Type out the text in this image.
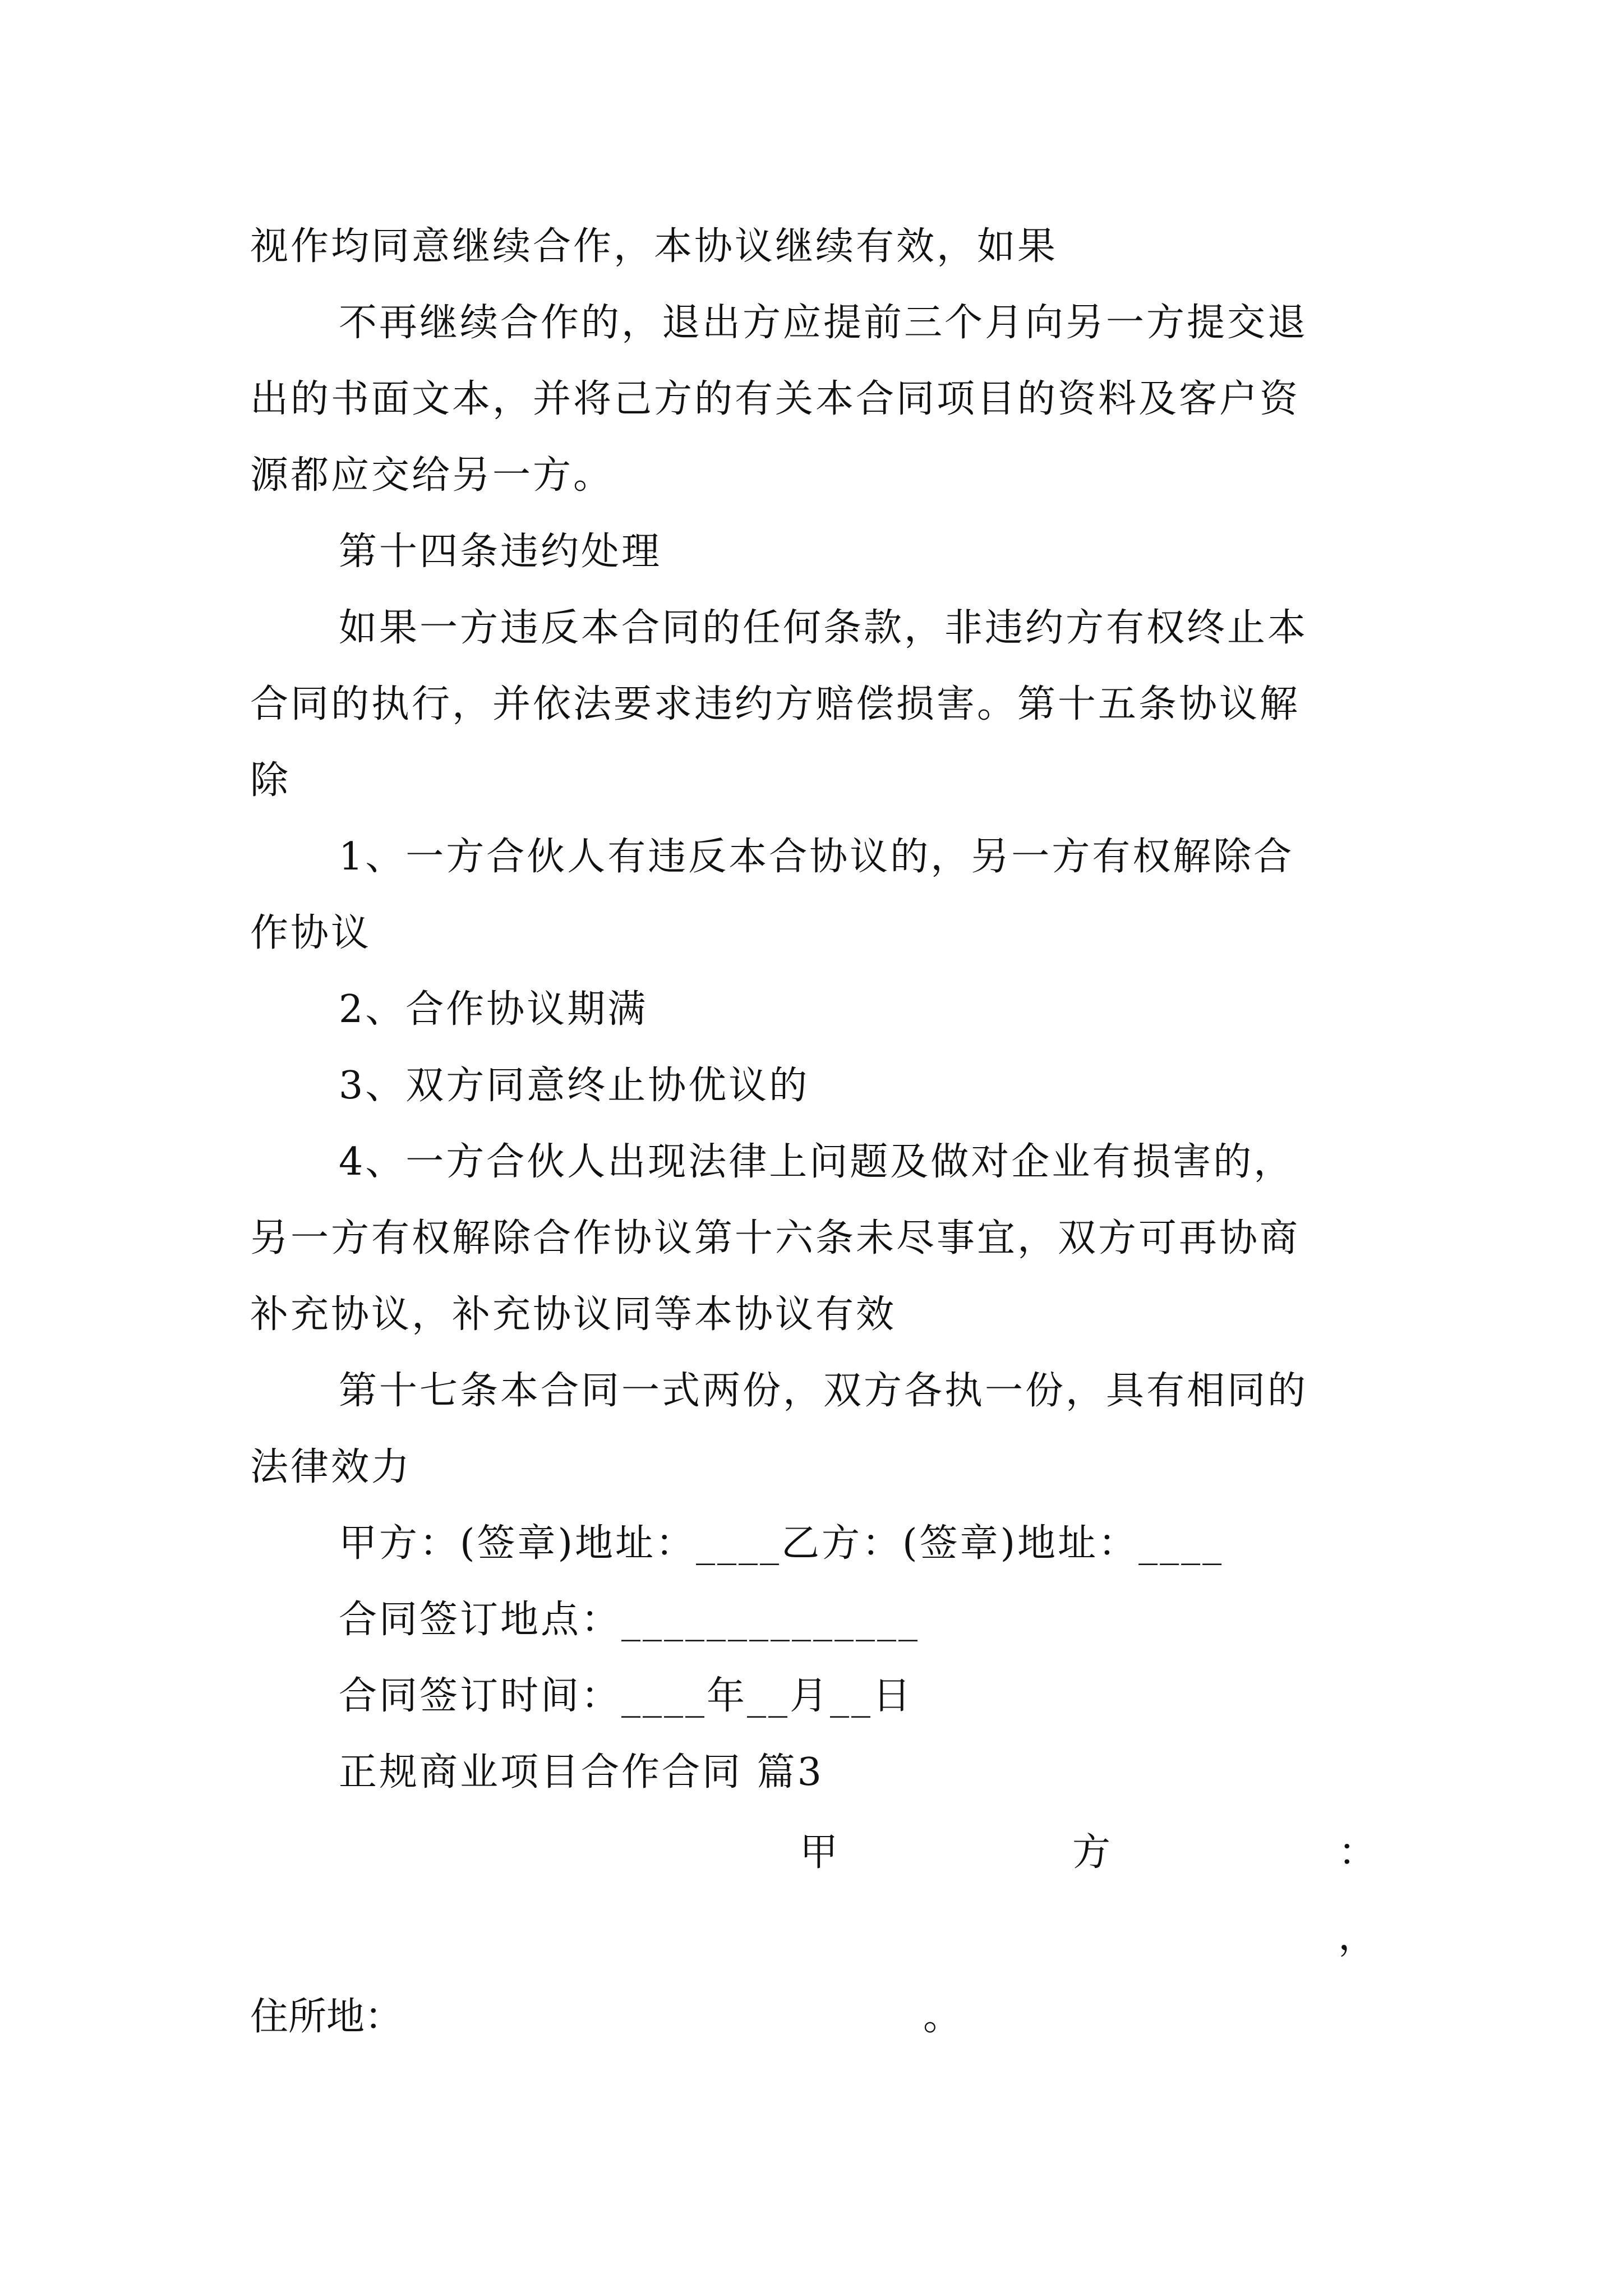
视作均同意继续合作，本协议继续有效，如果
不再继续合作的，退出方应提前三个月向另一方提交退
出的书面文本，并将己方的有关本合同项目的资料及客户资
源都应交给另一方。
第十四条违约处理
如果一方违反本合同的任何条款，非违约方有权终止本
合同的执行，并依法要求违约方赔偿损害。第十五条协议解
除
1、一方合伙人有违反本合协议的，另一方有权解除合
作协议
2、合作协议期满
3、双方同意终止协优议的
4、一方合伙人出现法律上问题及做对企业有损害的，
另一方有权解除合作协议第十六条未尽事宜，双方可再协商
补充协议，补充协议同等本协议有效
第十七条本合同一式两份，双方各执一份，具有相同的
法律效力
甲方：(签章)地址：____乙方：(签章)地址：____
合同签订地点：______________
合同签订时间：____年__月__日
正规商业项目合作合同 篇3
甲	方	：
，
住所地：	。
